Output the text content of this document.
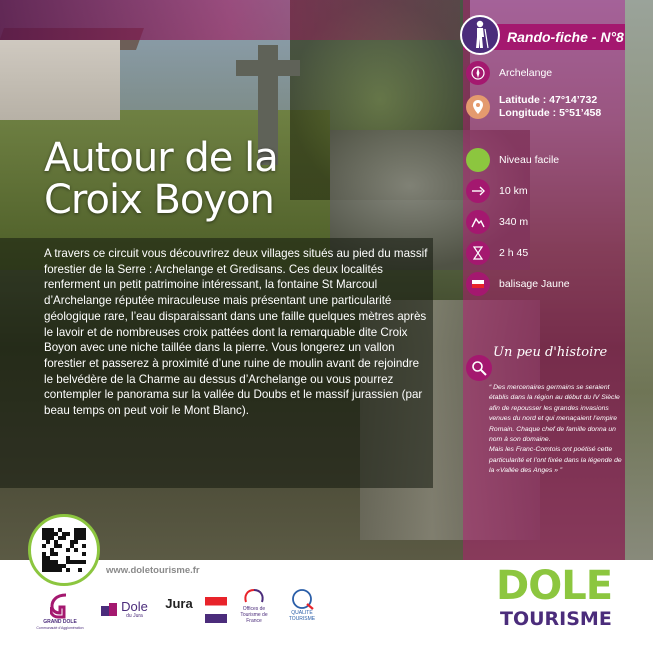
Rando-fiche - N°8
Autour de la
Croix Boyon
A travers ce circuit vous découvrirez deux villages situés au pied du massif forestier de la Serre : Archelange et Gredisans. Ces deux localités renferment un petit patrimoine intéressant, la fontaine St Marcoul d’Archelange réputée miraculeuse mais présentant une particularité géologique rare, l’eau disparaissant dans une faille quelques mètres après le lavoir et de nombreuses croix pattées dont la remarquable dite Croix Boyon avec une niche taillée dans la pierre. Vous longerez un vallon forestier et passerez à proximité d’une ruine de moulin avant de rejoindre le belvédère de la Charme au dessus d’Archelange ou vous pourrez contempler le panorama sur la vallée du Doubs et le massif jurassien (par beau temps on peut voir le Mont Blanc).
Archelange
Latitude : 47°14’732
Longitude : 5°51’458
Niveau facile
10 km
340 m
2 h 45
balisage Jaune
Un peu d'histoire

“ Des mercenaires germains se seraient établis dans la région au début du IV Siècle afin de repousser les grandes invasions venues du nord et qui menaçaient l’empire Romain. Chaque chef de famille donna un nom à son domaine.

Mais les Franc-Comtois ont poétisé cette particularité et l’ont fixée dans la légende de la «Vallée des Anges » ”

www.doletourisme.fr
GRAND DOLE
Communauté d'Agglomération
Dole
du Jura
Jura	Offices de Tourisme de France
QUALITÉ TOURISME
DOLE
TOURISME
